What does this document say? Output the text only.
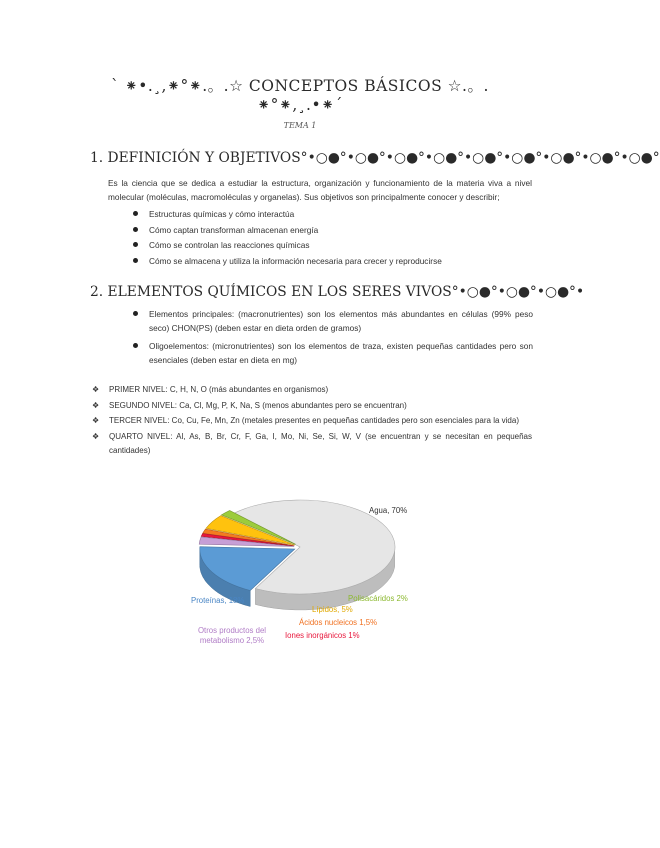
` ⁕•.¸,⁕°⁕.。.☆ CONCEPTOS BÁSICOS ☆.。.
⁕°⁕,¸.•⁕´
TEMA 1
1. DEFINICIÓN Y OBJETIVOS°•○●°•○●°•○●°•○●°•○●°•○●°•○●°•○●°•○●°
Es la ciencia que se dedica a estudiar la estructura, organización y funcionamiento de la materia viva a nivel molecular (moléculas, macromoléculas y organelas). Sus objetivos son principalmente conocer y describir;
Estructuras químicas y cómo interactúa
Cómo captan transforman almacenan energía
Cómo se controlan las reacciones químicas
Cómo se almacena y utiliza la información necesaria para crecer y reproducirse
2. ELEMENTOS QUÍMICOS EN LOS SERES VIVOS°•○●°•○●°•○●°•
Elementos principales: (macronutrientes) son los elementos más abundantes en células (99% peso seco) CHON(PS) (deben estar en dieta orden de gramos)
Oligoelementos: (micronutrientes) son los elementos de traza, existen pequeñas cantidades pero son esenciales (deben estar en dieta en mg)
❖ PRIMER NIVEL: C, H, N, O (más abundantes en organismos)
❖ SEGUNDO NIVEL: Ca, Cl, Mg, P, K, Na, S (menos abundantes pero se encuentran)
❖ TERCER NIVEL: Co, Cu, Fe, Mn, Zn (metales presentes en pequeñas cantidades pero son esenciales para la vida)
❖ QUARTO NIVEL: Al, As, B, Br, Cr, F, Ga, I, Mo, Ni, Se, Si, W, V (se encuentran y se necesitan en pequeñas cantidades)
Agua, 70%
Polisacáridos 2%
Lípidos, 5%
Ácidos nucleicos 1,5%
Iones inorgánicos 1%
Otros productos del metabolismo 2,5%
Proteínas, 18%
